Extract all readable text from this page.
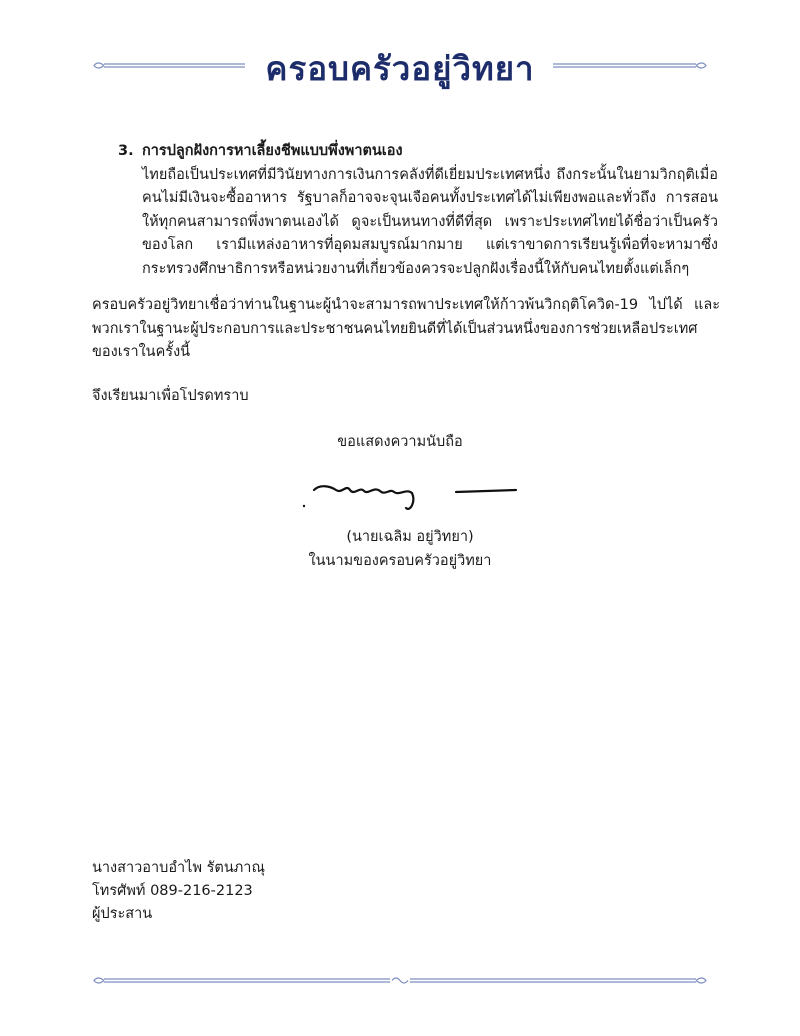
ครอบครัวอยู่วิทยา
3. การปลูกฝังการหาเลี้ยงชีพแบบพึ่งพาตนเอง
ไทยถือเป็นประเทศที่มีวินัยทางการเงินการคลังที่ดีเยี่ยมประเทศหนึ่ง ถึงกระนั้นในยามวิกฤติเมื่อคนไม่มีเงินจะซื้ออาหาร รัฐบาลก็อาจจะจุนเจือคนทั้งประเทศได้ไม่เพียงพอและทั่วถึง การสอนให้ทุกคนสามารถพึ่งพาตนเองได้ ดูจะเป็นหนทางที่ดีที่สุด เพราะประเทศไทยได้ชื่อว่าเป็นครัวของโลก เรามีแหล่งอาหารที่อุดมสมบูรณ์มากมาย แต่เราขาดการเรียนรู้เพื่อที่จะหามาซึ่งกระทรวงศึกษาธิการหรือหน่วยงานที่เกี่ยวข้องควรจะปลูกฝังเรื่องนี้ให้กับคนไทยตั้งแต่เล็กๆ
ครอบครัวอยู่วิทยาเชื่อว่าท่านในฐานะผู้นำจะสามารถพาประเทศให้ก้าวพ้นวิกฤติโควิด-19 ไปได้ และพวกเราในฐานะผู้ประกอบการและประชาชนคนไทยยินดีที่ได้เป็นส่วนหนึ่งของการช่วยเหลือประเทศของเราในครั้งนี้
จึงเรียนมาเพื่อโปรดทราบ
ขอแสดงความนับถือ
(นายเฉลิม อยู่วิทยา)
ในนามของครอบครัวอยู่วิทยา
นางสาวอาบอำไพ รัตนภาณุ
โทรศัพท์ 089-216-2123
ผู้ประสาน
